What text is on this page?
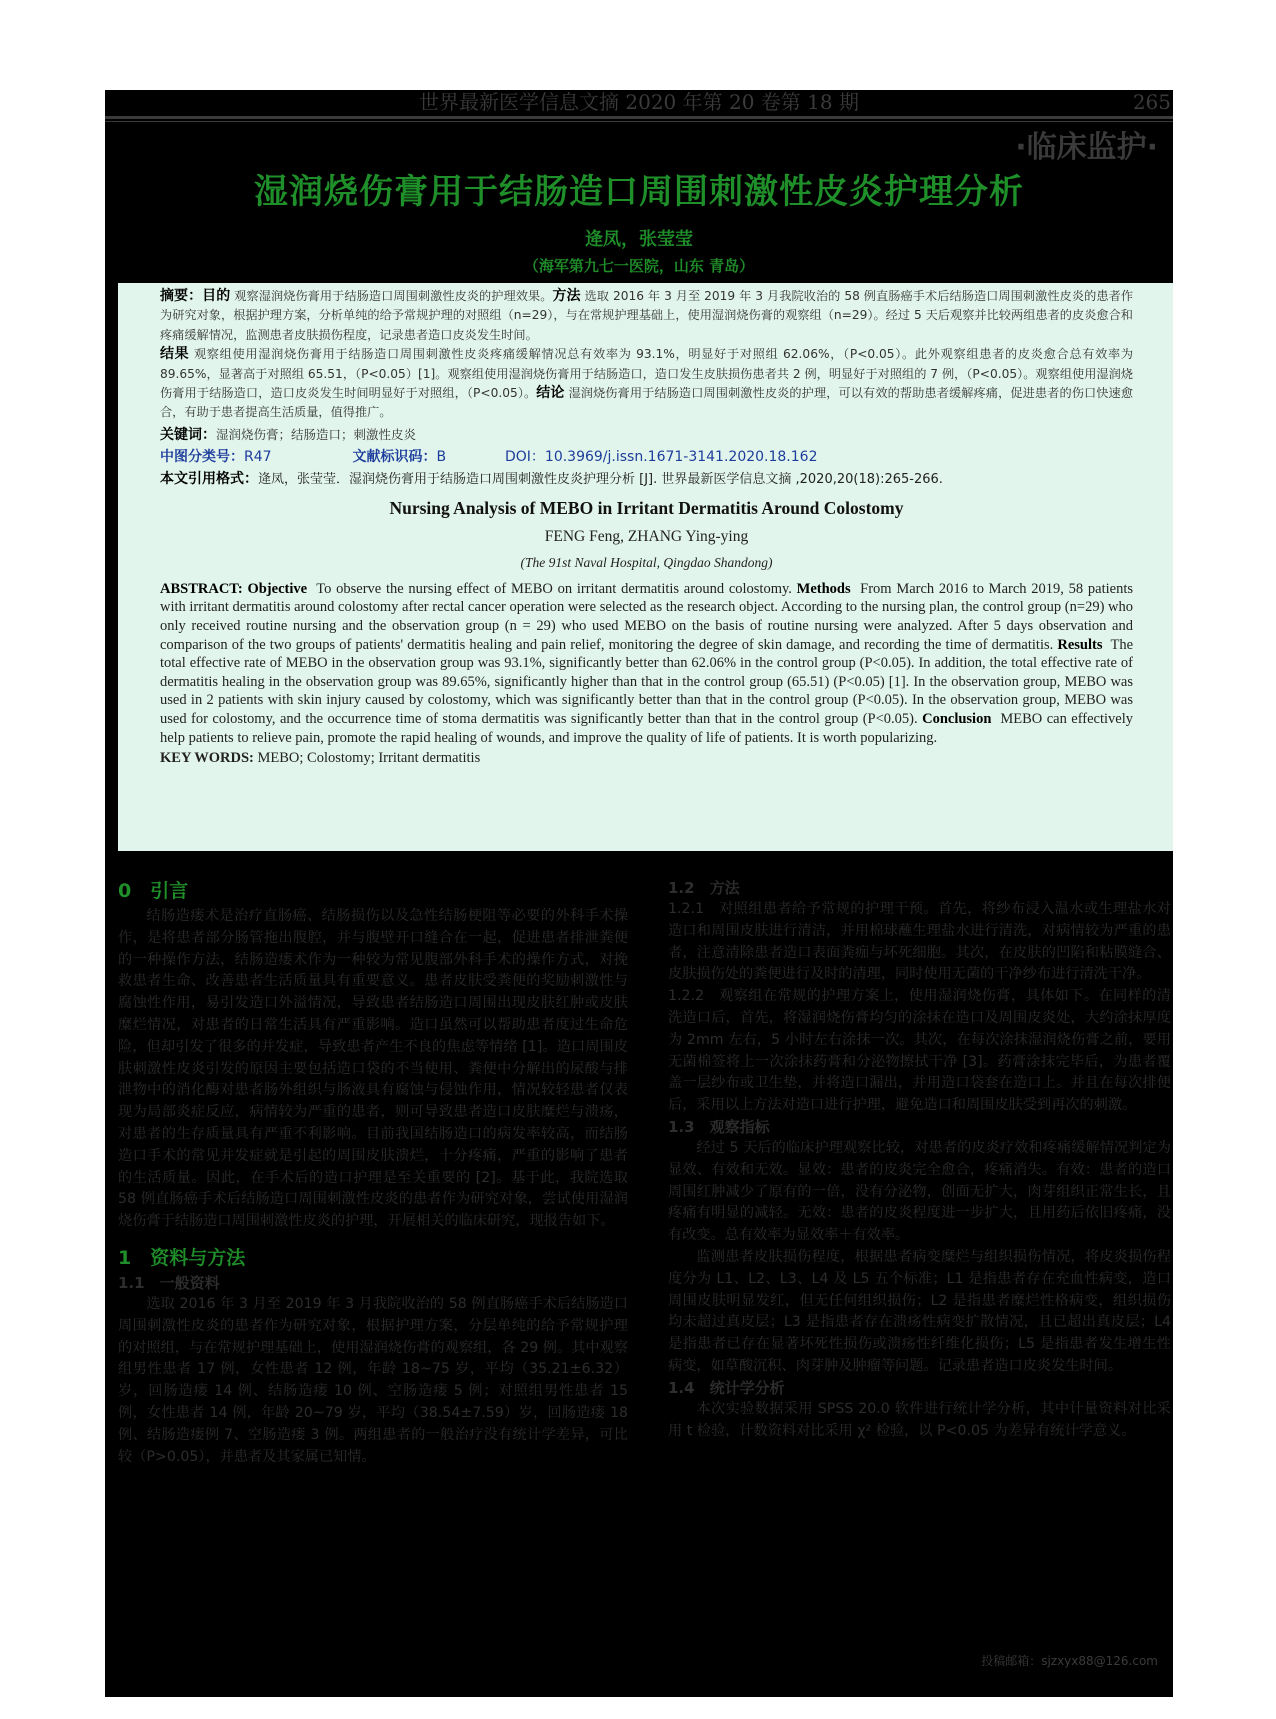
世界最新医学信息文摘 2020 年第 20 卷第 18 期	265
·临床监护·
湿润烧伤膏用于结肠造口周围刺激性皮炎护理分析
逄凤，张莹莹
（海军第九七一医院，山东 青岛）
摘要：目的 观察湿润烧伤膏用于结肠造口周围刺激性皮炎的护理效果。方法 选取 2016 年 3 月至 2019 年 3 月我院收治的 58 例直肠癌手术后结肠造口周围刺激性皮炎的患者作为研究对象，根据护理方案，分析单纯的给予常规护理的对照组（n=29），与在常规护理基础上，使用湿润烧伤膏的观察组（n=29）。经过 5 天后观察并比较两组患者的皮炎愈合和疼痛缓解情况，监测患者皮肤损伤程度，记录患者造口皮炎发生时间。
结果 观察组使用湿润烧伤膏用于结肠造口周围刺激性皮炎疼痛缓解情况总有效率为 93.1%，明显好于对照组 62.06%，（P<0.05）。此外观察组患者的皮炎愈合总有效率为 89.65%，显著高于对照组 65.51，（P<0.05）[1]。观察组使用湿润烧伤膏用于结肠造口，造口发生皮肤损伤患者共 2 例，明显好于对照组的 7 例，（P<0.05）。观察组使用湿润烧伤膏用于结肠造口，造口皮炎发生时间明显好于对照组，（P<0.05）。结论 湿润烧伤膏用于结肠造口周围刺激性皮炎的护理，可以有效的帮助患者缓解疼痛，促进患者的伤口快速愈合，有助于患者提高生活质量，值得推广。
关键词：湿润烧伤膏；结肠造口；刺激性皮炎
中图分类号：R47	文献标识码：B	DOI：10.3969/j.issn.1671-3141.2020.18.162
本文引用格式：逄凤，张莹莹．湿润烧伤膏用于结肠造口周围刺激性皮炎护理分析 [J]. 世界最新医学信息文摘 ,2020,20(18):265-266.
Nursing Analysis of MEBO in Irritant Dermatitis Around Colostomy
FENG Feng, ZHANG Ying-ying
(The 91st Naval Hospital, Qingdao Shandong)
ABSTRACT: Objective To observe the nursing effect of MEBO on irritant dermatitis around colostomy. Methods From March 2016 to March 2019, 58 patients with irritant dermatitis around colostomy after rectal cancer operation were selected as the research object. According to the nursing plan, the control group (n=29) who only received routine nursing and the observation group (n = 29) who used MEBO on the basis of routine nursing were analyzed. After 5 days observation and comparison of the two groups of patients' dermatitis healing and pain relief, monitoring the degree of skin damage, and recording the time of dermatitis. Results The total effective rate of MEBO in the observation group was 93.1%, significantly better than 62.06% in the control group (P<0.05). In addition, the total effective rate of dermatitis healing in the observation group was 89.65%, significantly higher than that in the control group (65.51) (P<0.05) [1]. In the observation group, MEBO was used in 2 patients with skin injury caused by colostomy, which was significantly better than that in the control group (P<0.05). In the observation group, MEBO was used for colostomy, and the occurrence time of stoma dermatitis was significantly better than that in the control group (P<0.05). Conclusion MEBO can effectively help patients to relieve pain, promote the rapid healing of wounds, and improve the quality of life of patients. It is worth popularizing.
KEY WORDS: MEBO; Colostomy; Irritant dermatitis
0　引言

结肠造瘘术是治疗直肠癌、结肠损伤以及急性结肠梗阻等必要的外科手术操作，是将患者部分肠管拖出腹腔，并与腹壁开口缝合在一起，促进患者排泄粪便的一种操作方法，结肠造瘘术作为一种较为常见腹部外科手术的操作方式，对挽救患者生命、改善患者生活质量具有重要意义。患者皮肤受粪便的奖励刺激性与腐蚀性作用，易引发造口外溢情况，导致患者结肠造口周围出现皮肤红肿或皮肤糜烂情况，对患者的日常生活具有严重影响。造口虽然可以帮助患者度过生命危险，但却引发了很多的并发症，导致患者产生不良的焦虑等情绪 [1]。造口周围皮肤刺激性皮炎引发的原因主要包括造口袋的不当使用、粪便中分解出的尿酸与排泄物中的消化酶对患者肠外组织与肠液具有腐蚀与侵蚀作用，情况较轻患者仅表现为局部炎症反应，病情较为严重的患者，则可导致患者造口皮肤糜烂与溃疡，对患者的生存质量具有严重不利影响。目前我国结肠造口的病发率较高，而结肠造口手术的常见并发症就是引起的周围皮肤溃烂，十分疼痛，严重的影响了患者的生活质量。因此，在手术后的造口护理是至关重要的 [2]。基于此，我院选取 58 例直肠癌手术后结肠造口周围刺激性皮炎的患者作为研究对象，尝试使用湿润烧伤膏于结肠造口周围刺激性皮炎的护理，开展相关的临床研究，现报告如下。

1　资料与方法
1.1　一般资料

选取 2016 年 3 月至 2019 年 3 月我院收治的 58 例直肠癌手术后结肠造口周围刺激性皮炎的患者作为研究对象，根据护理方案，分层单纯的给予常规护理的对照组，与在常规护理基础上，使用湿润烧伤膏的观察组，各 29 例。其中观察组男性患者 17 例，女性患者 12 例，年龄 18~75 岁，平均（35.21±6.32）岁，回肠造瘘 14 例、结肠造瘘 10 例、空肠造瘘 5 例；对照组男性患者 15 例，女性患者 14 例，年龄 20~79 岁，平均（38.54±7.59）岁，回肠造瘘 18 例、结肠造瘘例 7、空肠造瘘 3 例。两组患者的一般治疗没有统计学差异，可比较（P>0.05），并患者及其家属已知情。

1.2　方法

1.2.1　对照组患者给予常规的护理干预。首先，将纱布浸入温水或生理盐水对造口和周围皮肤进行清洁，并用棉球蘸生理盐水进行清洗，对病情较为严重的患者，注意清除患者造口表面粪痂与坏死细胞。其次，在皮肤的凹陷和粘膜缝合、皮肤损伤处的粪便进行及时的清理，同时使用无菌的干净纱布进行清洗干净。

1.2.2　观察组在常规的护理方案上，使用湿润烧伤膏，具体如下。在同样的清洗造口后，首先，将湿润烧伤膏均匀的涂抹在造口及周围皮炎处，大约涂抹厚度为 2mm 左右，5 小时左右涂抹一次。其次，在每次涂抹湿润烧伤膏之前，要用无菌棉签将上一次涂抹药膏和分泌物擦拭干净 [3]。药膏涂抹完毕后，为患者覆盖一层纱布或卫生垫，并将造口漏出，并用造口袋套在造口上。并且在每次排便后，采用以上方法对造口进行护理，避免造口和周围皮肤受到再次的刺激。

1.3　观察指标

经过 5 天后的临床护理观察比较，对患者的皮炎疗效和疼痛缓解情况判定为显效、有效和无效。显效：患者的皮炎完全愈合，疼痛消失。有效：患者的造口周围红肿减少了原有的一倍，没有分泌物，创面无扩大，肉芽组织正常生长，且疼痛有明显的减轻。无效：患者的皮炎程度进一步扩大，且用药后依旧疼痛，没有改变。总有效率为显效率＋有效率。

监测患者皮肤损伤程度，根据患者病变糜烂与组织损伤情况，将皮炎损伤程度分为 L1、L2、L3、L4 及 L5 五个标准；L1 是指患者存在充血性病变，造口周围皮肤明显发红，但无任何组织损伤；L2 是指患者糜烂性格病变，组织损伤均未超过真皮层；L3 是指患者存在溃疡性病变扩散情况，且已超出真皮层；L4 是指患者已存在显著坏死性损伤或溃疡性纤维化损伤；L5 是指患者发生增生性病变，如草酸沉积、肉芽肿及肿瘤等问题。记录患者造口皮炎发生时间。

1.4　统计学分析

本次实验数据采用 SPSS 20.0 软件进行统计学分析，其中计量资料对比采用 t 检验，计数资料对比采用 χ² 检验，以 P<0.05 为差异有统计学意义。

投稿邮箱：sjzxyx88@126.com
